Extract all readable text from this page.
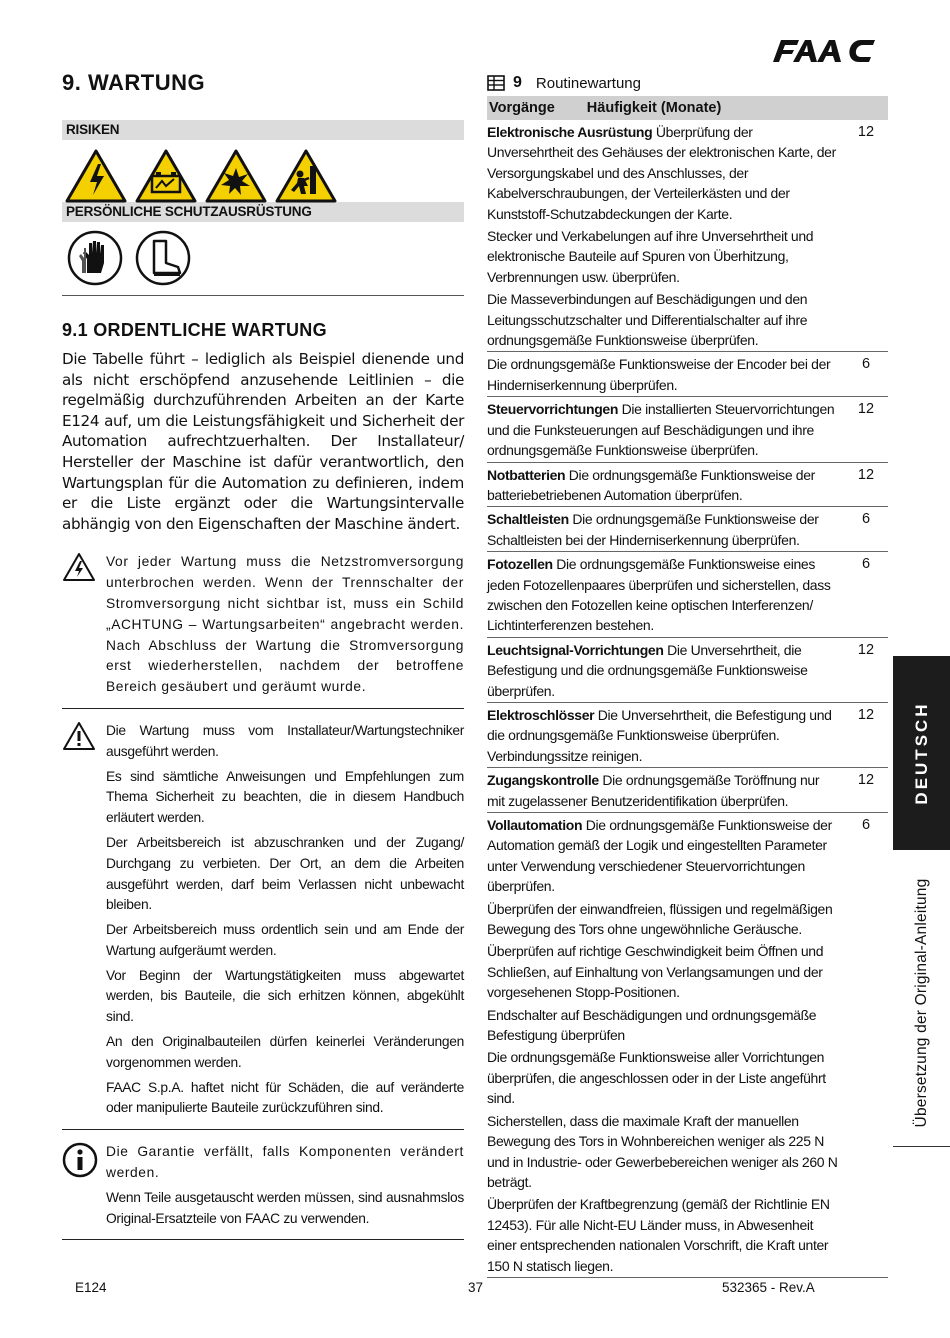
FAAC
9. WARTUNG
RISIKEN
PERSÖNLICHE SCHUTZAUSRÜSTUNG
9.1 ORDENTLICHE WARTUNG

Die Tabelle führt – lediglich als Beispiel dienende und als nicht erschöpfend anzusehende Leitlinien – die regelmäßig durchzuführenden Arbeiten an der Karte E124 auf, um die Leistungsfähigkeit und Sicherheit der Automation aufrechtzuerhalten. Der Installateur/ Hersteller der Maschine ist dafür verantwortlich, den Wartungsplan für die Automation zu definieren, indem er die Liste ergänzt oder die Wartungsintervalle abhängig von den Eigenschaften der Maschine ändert.

Vor jeder Wartung muss die Netzstromversorgung unterbrochen werden. Wenn der Trennschalter der Stromversorgung nicht sichtbar ist, muss ein Schild „ACHTUNG – Wartungsarbeiten“ angebracht werden. Nach Abschluss der Wartung die Stromversorgung erst wiederherstellen, nachdem der betroffene Bereich gesäubert und geräumt wurde.

Die Wartung muss vom Installateur/Wartungstechniker ausgeführt werden.

Es sind sämtliche Anweisungen und Empfehlungen zum Thema Sicherheit zu beachten, die in diesem Handbuch erläutert werden.

Der Arbeitsbereich ist abzuschranken und der Zugang/ Durchgang zu verbieten. Der Ort, an dem die Arbeiten ausgeführt werden, darf beim Verlassen nicht unbewacht bleiben.

Der Arbeitsbereich muss ordentlich sein und am Ende der Wartung aufgeräumt werden.

Vor Beginn der Wartungstätigkeiten muss abgewartet werden, bis Bauteile, die sich erhitzen können, abgekühlt sind.

An den Originalbauteilen dürfen keinerlei Veränderungen vorgenommen werden.

FAAC S.p.A. haftet nicht für Schäden, die auf veränderte oder manipulierte Bauteile zurückzuführen sind.

Die Garantie verfällt, falls Komponenten verändert werden.

Wenn Teile ausgetauscht werden müssen, sind ausnahmslos Original-Ersatzteile von FAAC zu verwenden.

9 Routinewartung
Vorgänge Häufigkeit (Monate)

Elektronische Ausrüstung Überprüfung der Unversehrtheit des Gehäuses der elektronischen Karte, der Versorgungskabel und des Anschlusses, der Kabelverschraubungen, der Verteilerkästen und der Kunststoff-Schutzabdeckungen der Karte.

Stecker und Verkabelungen auf ihre Unversehrtheit und elektronische Bauteile auf Spuren von Überhitzung, Verbrennungen usw. überprüfen.

Die Masseverbindungen auf Beschädigungen und den Leitungsschutzschalter und Differentialschalter auf ihre ordnungsgemäße Funktionsweise überprüfen.

12

Die ordnungsgemäße Funktionsweise der Encoder bei der Hinderniserkennung überprüfen.

6

Steuervorrichtungen Die installierten Steuervorrichtungen und die Funksteuerungen auf Beschädigungen und ihre ordnungsgemäße Funktionsweise überprüfen.

12

Notbatterien Die ordnungsgemäße Funktionsweise der batteriebetriebenen Automation überprüfen.

12

Schaltleisten Die ordnungsgemäße Funktionsweise der Schaltleisten bei der Hinderniserkennung überprüfen.

6

Fotozellen Die ordnungsgemäße Funktionsweise eines jeden Fotozellenpaares überprüfen und sicherstellen, dass zwischen den Fotozellen keine optischen Interferenzen/ Lichtinterferenzen bestehen.

6

Leuchtsignal-Vorrichtungen Die Unversehrtheit, die Befestigung und die ordnungsgemäße Funktionsweise überprüfen.

12

Elektroschlösser Die Unversehrtheit, die Befestigung und die ordnungsgemäße Funktionsweise überprüfen. Verbindungssitze reinigen.

12

Zugangskontrolle Die ordnungsgemäße Toröffnung nur mit zugelassener Benutzeridentifikation überprüfen.

12

Vollautomation Die ordnungsgemäße Funktionsweise der Automation gemäß der Logik und eingestellten Parameter unter Verwendung verschiedener Steuervorrichtungen überprüfen.

Überprüfen der einwandfreien, flüssigen und regelmäßigen Bewegung des Tors ohne ungewöhnliche Geräusche.

Überprüfen auf richtige Geschwindigkeit beim Öffnen und Schließen, auf Einhaltung von Verlangsamungen und der vorgesehenen Stopp-Positionen.

Endschalter auf Beschädigungen und ordnungsgemäße Befestigung überprüfen

Die ordnungsgemäße Funktionsweise aller Vorrichtungen überprüfen, die angeschlossen oder in der Liste angeführt sind.

Sicherstellen, dass die maximale Kraft der manuellen Bewegung des Tors in Wohnbereichen weniger als 225 N und in Industrie- oder Gewerbebereichen weniger als 260 N beträgt.

Überprüfen der Kraftbegrenzung (gemäß der Richtlinie EN 12453). Für alle Nicht-EU Länder muss, in Abwesenheit einer entsprechenden nationalen Vorschrift, die Kraft unter 150 N statisch liegen.

6
DEUTSCH
Übersetzung der Original-Anleitung
E124	37	532365 - Rev.A
